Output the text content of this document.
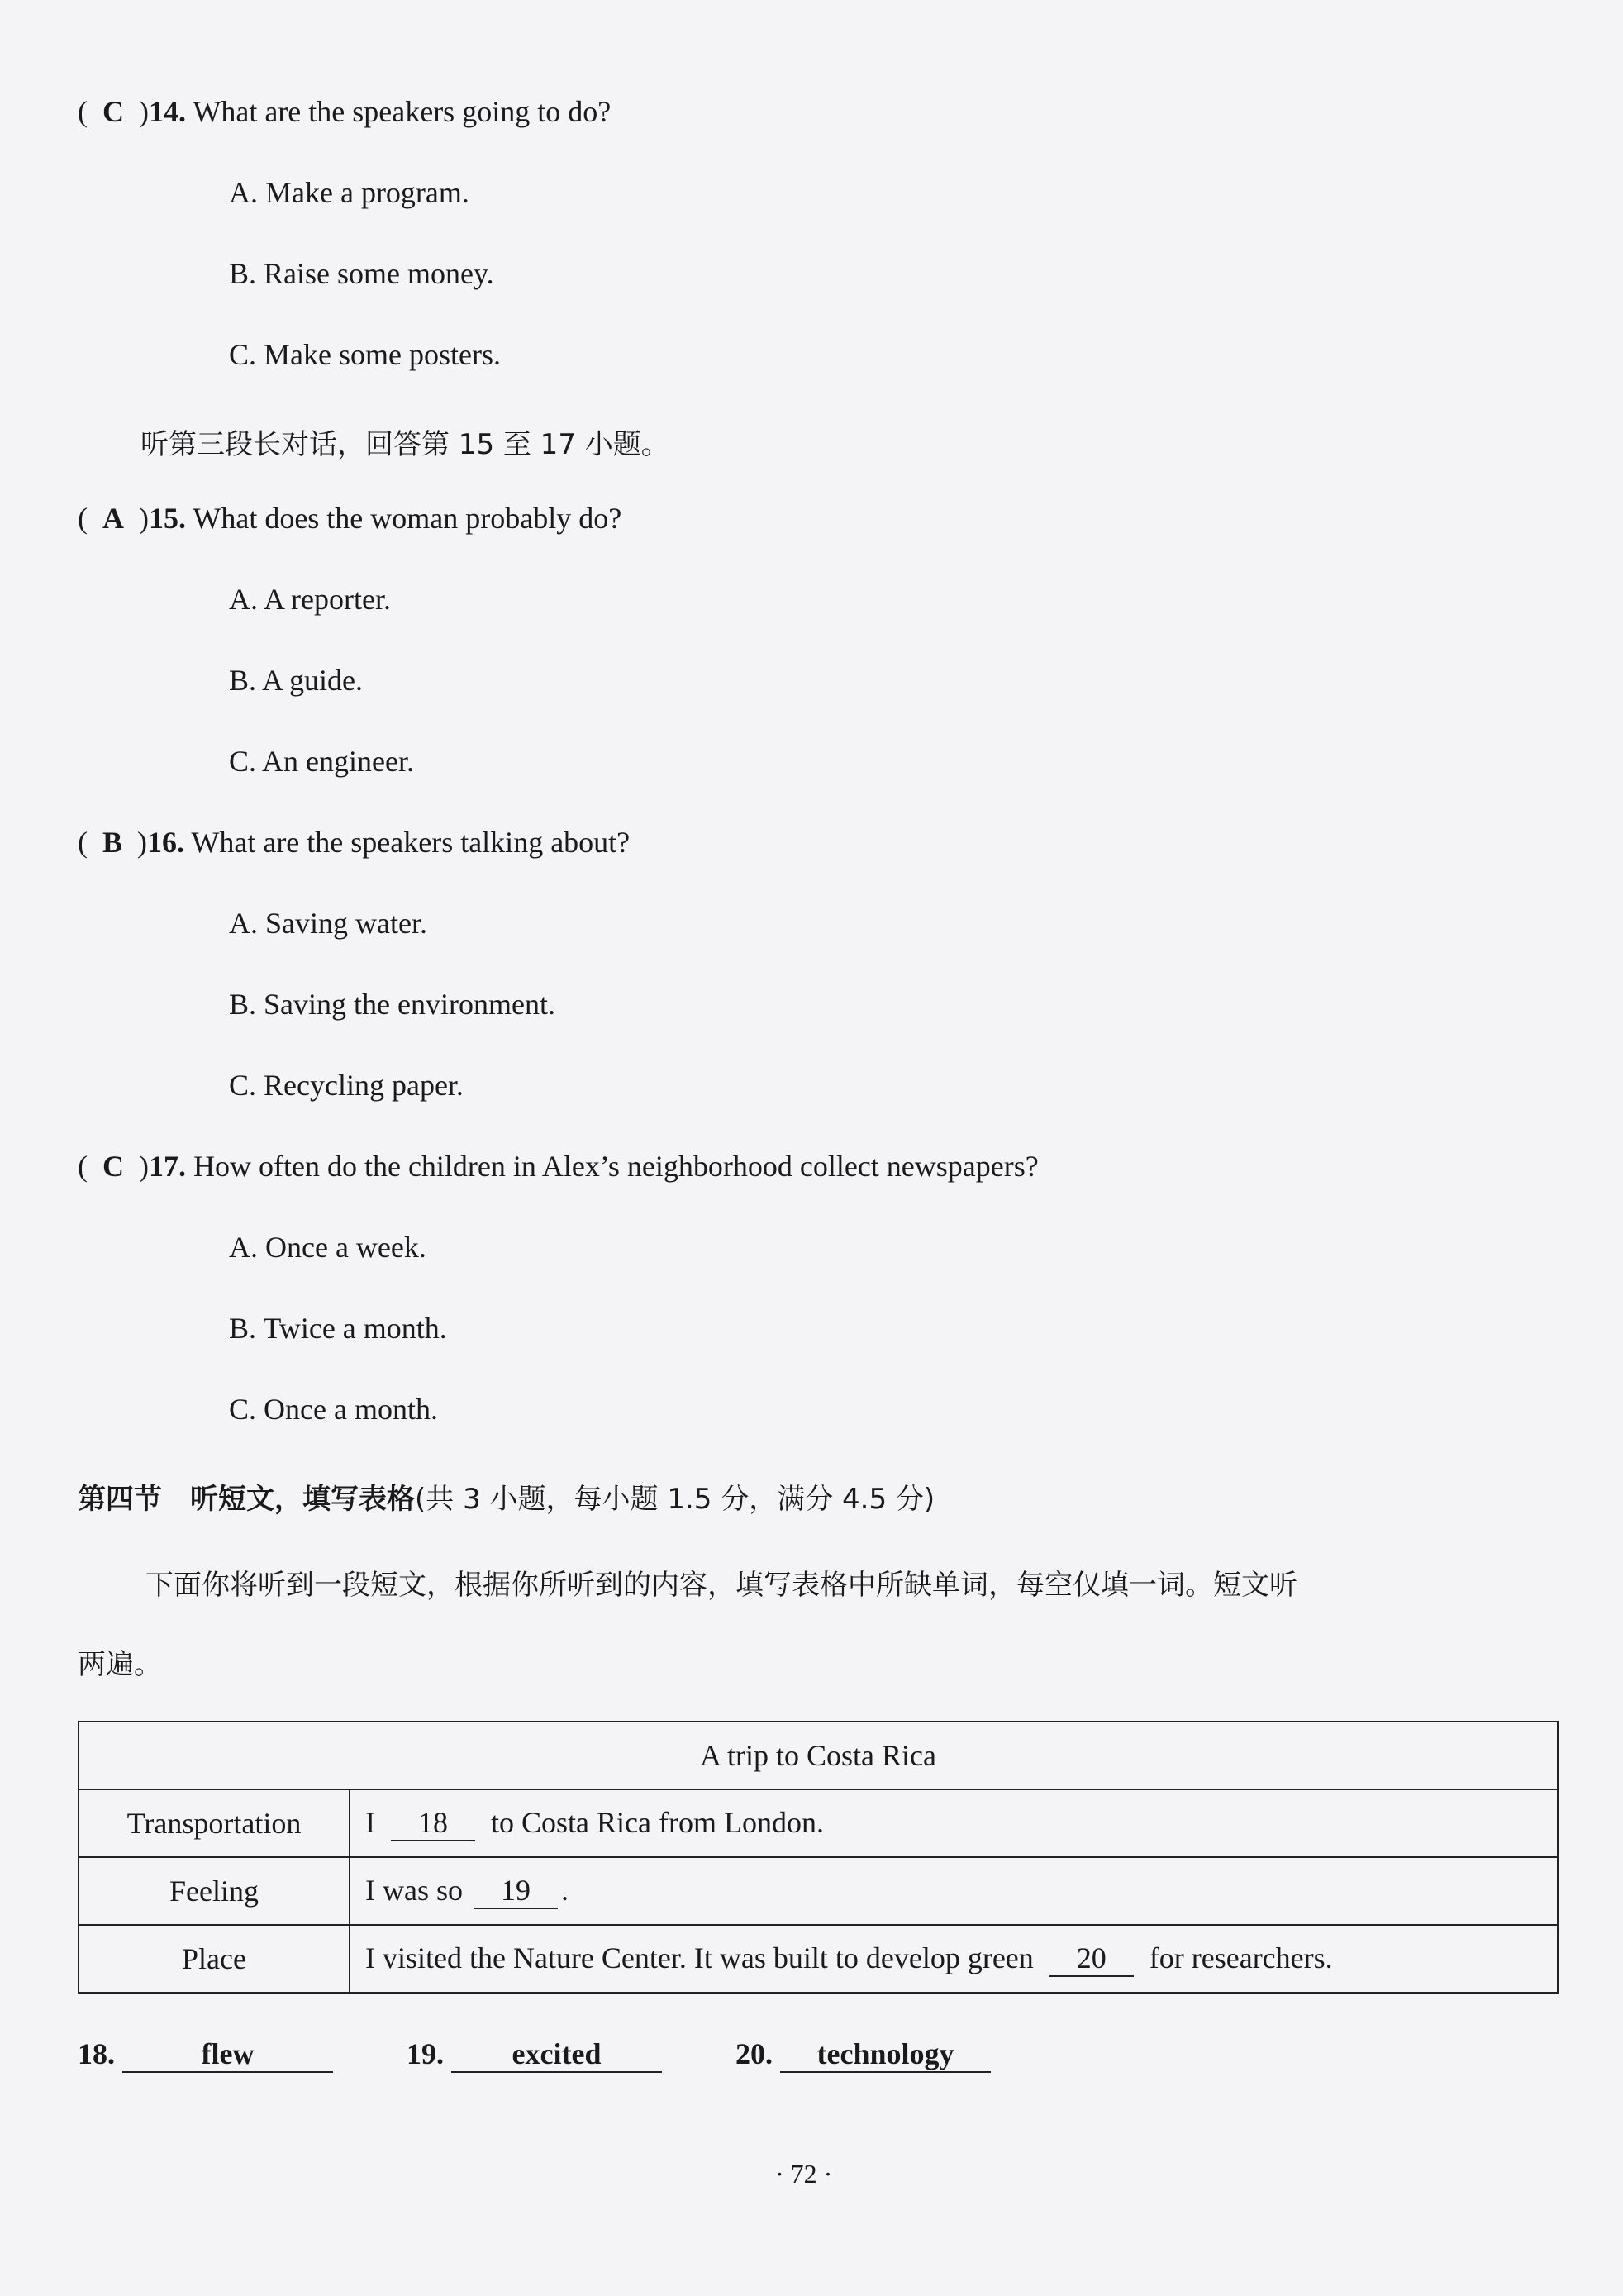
( C )14. What are the speakers going to do?
A. Make a program.
B. Raise some money.
C. Make some posters.
听第三段长对话，回答第 15 至 17 小题。
( A )15. What does the woman probably do?
A. A reporter.
B. A guide.
C. An engineer.
( B )16. What are the speakers talking about?
A. Saving water.
B. Saving the environment.
C. Recycling paper.
( C )17. How often do the children in Alex’s neighborhood collect newspapers?
A. Once a week.
B. Twice a month.
C. Once a month.
第四节　听短文，填写表格(共 3 小题，每小题 1.5 分，满分 4.5 分)
下面你将听到一段短文，根据你所听到的内容，填写表格中所缺单词，每空仅填一词。短文听
两遍。
A trip to Costa Rica	
Transportation	I 18 to Costa Rica from London.
Feeling	I was so 19 .
Place	I visited the Nature Center. It was built to develop green 20 for researchers.
18.	flew	19. excited	20. technology
· 72 ·
